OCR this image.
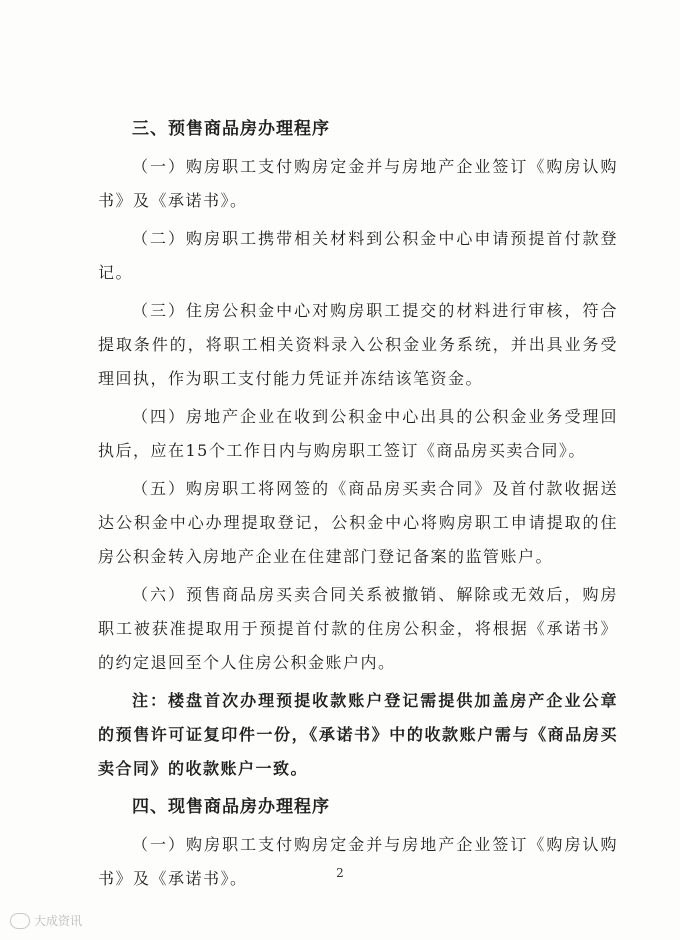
三、预售商品房办理程序

（一）购房职工支付购房定金并与房地产企业签订《购房认购书》及《承诺书》。

（二）购房职工携带相关材料到公积金中心申请预提首付款登记。

（三）住房公积金中心对购房职工提交的材料进行审核，符合提取条件的，将职工相关资料录入公积金业务系统，并出具业务受理回执，作为职工支付能力凭证并冻结该笔资金。

（四）房地产企业在收到公积金中心出具的公积金业务受理回执后，应在15个工作日内与购房职工签订《商品房买卖合同》。

（五）购房职工将网签的《商品房买卖合同》及首付款收据送达公积金中心办理提取登记，公积金中心将购房职工申请提取的住房公积金转入房地产企业在住建部门登记备案的监管账户。

（六）预售商品房买卖合同关系被撤销、解除或无效后，购房职工被获准提取用于预提首付款的住房公积金，将根据《承诺书》的约定退回至个人住房公积金账户内。

注：楼盘首次办理预提收款账户登记需提供加盖房产企业公章的预售许可证复印件一份，《承诺书》中的收款账户需与《商品房买卖合同》的收款账户一致。

四、现售商品房办理程序

（一）购房职工支付购房定金并与房地产企业签订《购房认购书》及《承诺书》。	2
大成资讯
